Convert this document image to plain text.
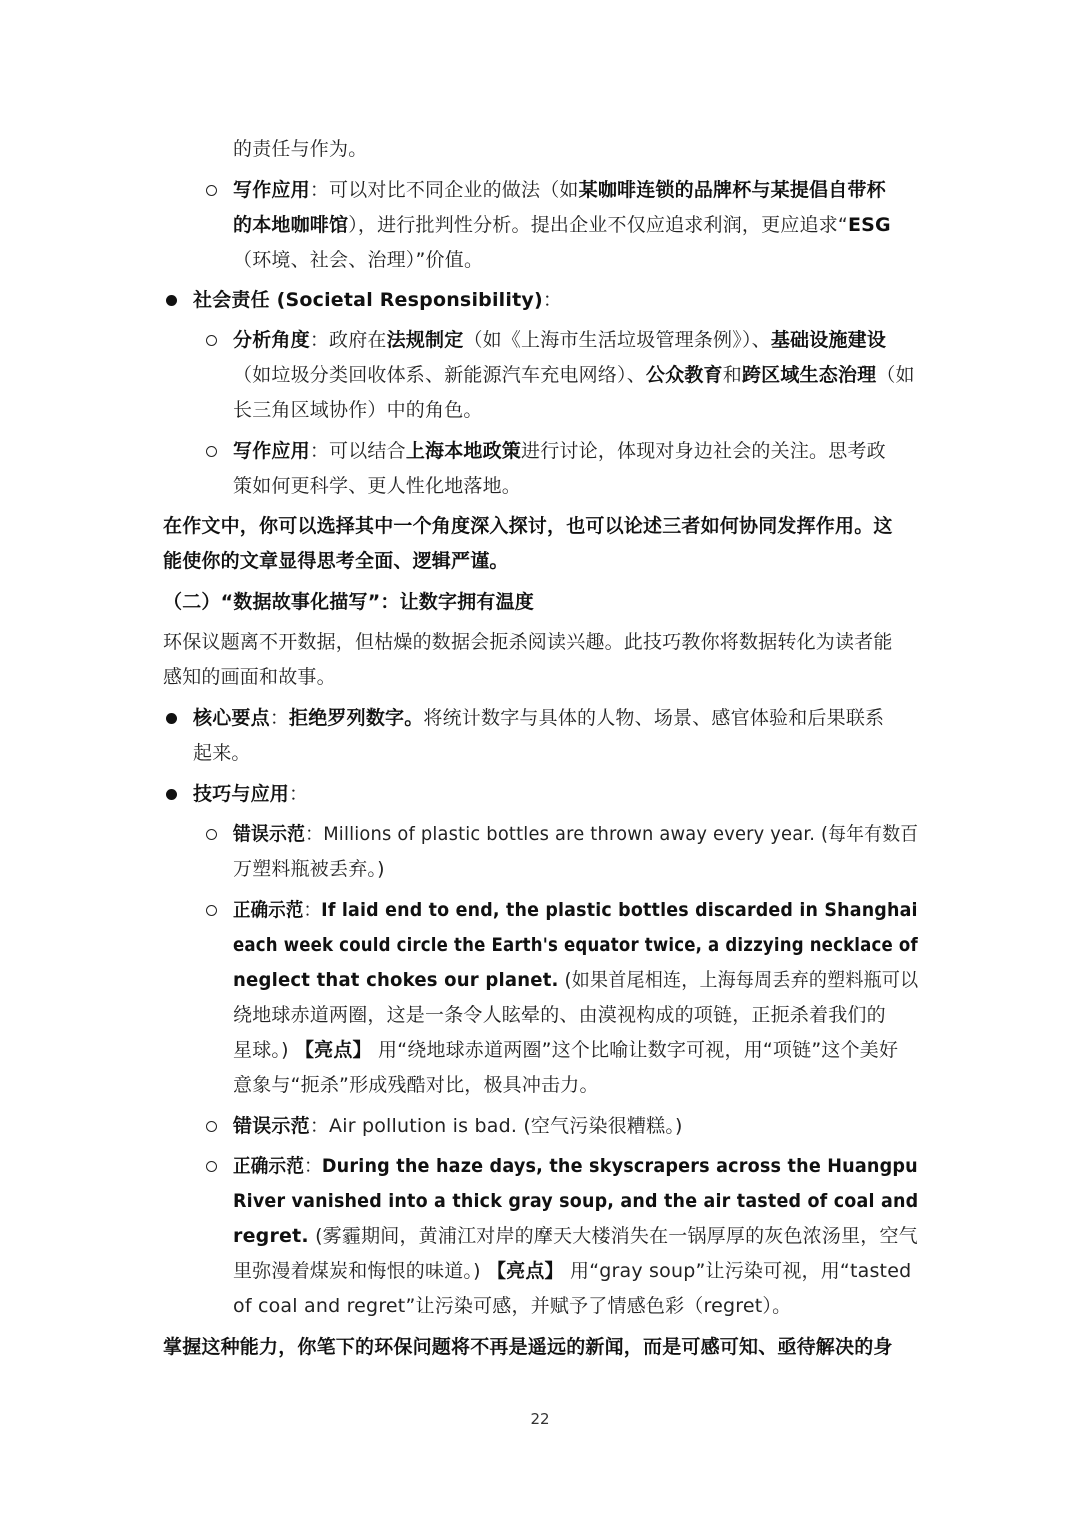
的责任与作为。
写作应用：可以对比不同企业的做法（如某咖啡连锁的品牌杯与某提倡自带杯
的本地咖啡馆），进行批判性分析。提出企业不仅应追求利润，更应追求“ESG
（环境、社会、治理）”价值。
社会责任 (Societal Responsibility)：
分析角度：政府在法规制定（如《上海市生活垃圾管理条例》）、基础设施建设
（如垃圾分类回收体系、新能源汽车充电网络）、公众教育和跨区域生态治理（如
长三角区域协作）中的角色。
写作应用：可以结合上海本地政策进行讨论，体现对身边社会的关注。思考政
策如何更科学、更人性化地落地。
在作文中，你可以选择其中一个角度深入探讨，也可以论述三者如何协同发挥作用。这
能使你的文章显得思考全面、逻辑严谨。
（二）“数据故事化描写”：让数字拥有温度
环保议题离不开数据，但枯燥的数据会扼杀阅读兴趣。此技巧教你将数据转化为读者能
感知的画面和故事。
核心要点：拒绝罗列数字。将统计数字与具体的人物、场景、感官体验和后果联系
起来。
技巧与应用：
错误示范：Millions of plastic bottles are thrown away every year. (每年有数百
万塑料瓶被丢弃。)
正确示范：If laid end to end, the plastic bottles discarded in Shanghai
each week could circle the Earth's equator twice, a dizzying necklace of
neglect that chokes our planet. (如果首尾相连，上海每周丢弃的塑料瓶可以
绕地球赤道两圈，这是一条令人眩晕的、由漠视构成的项链，正扼杀着我们的
星球。) 【亮点】 用“绕地球赤道两圈”这个比喻让数字可视，用“项链”这个美好
意象与“扼杀”形成残酷对比，极具冲击力。
错误示范：Air pollution is bad. (空气污染很糟糕。)
正确示范：During the haze days, the skyscrapers across the Huangpu
River vanished into a thick gray soup, and the air tasted of coal and
regret. (雾霾期间，黄浦江对岸的摩天大楼消失在一锅厚厚的灰色浓汤里，空气
里弥漫着煤炭和悔恨的味道。) 【亮点】 用“gray soup”让污染可视，用“tasted
of coal and regret”让污染可感，并赋予了情感色彩（regret）。
掌握这种能力，你笔下的环保问题将不再是遥远的新闻，而是可感可知、亟待解决的身
22
